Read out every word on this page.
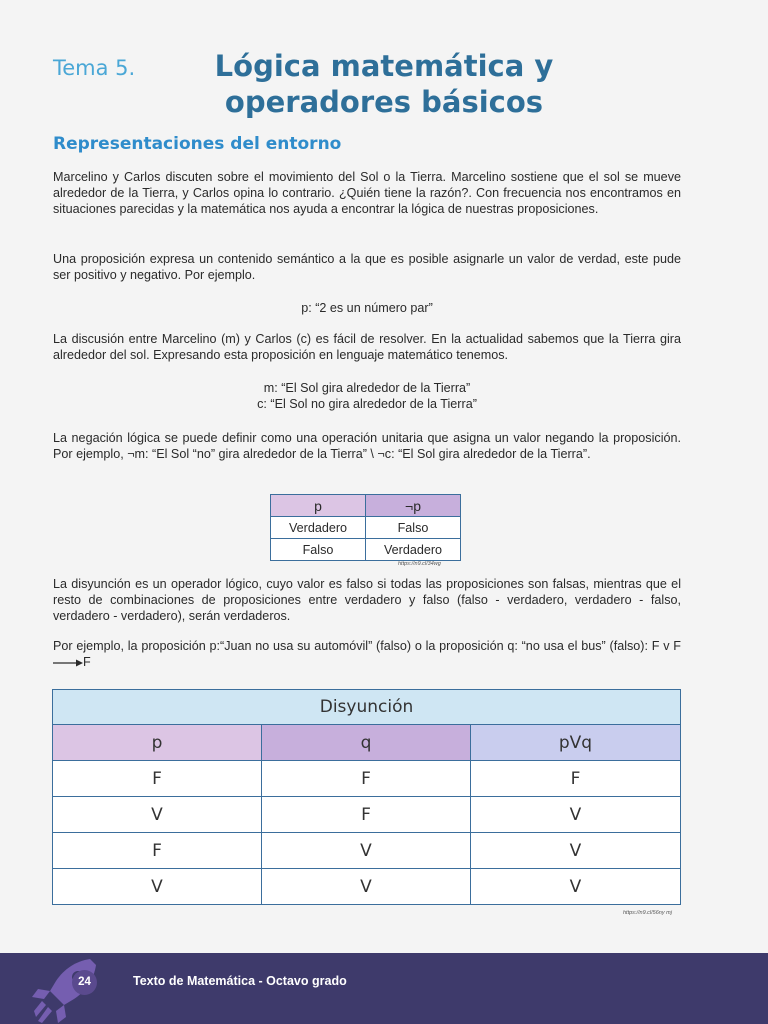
Tema 5.	Lógica matemática y
operadores básicos
Representaciones del entorno
Marcelino y Carlos discuten sobre el movimiento del Sol o la Tierra. Marcelino sostiene que el sol se mueve alrededor de la Tierra, y Carlos opina lo contrario. ¿Quién tiene la razón?. Con frecuencia nos encontramos en situaciones parecidas y la matemática nos ayuda a encontrar la lógica de nuestras proposiciones.
Una proposición expresa un contenido semántico a la que es posible asignarle un valor de verdad, este pude ser positivo y negativo. Por ejemplo.
p: “2 es un número par”
La discusión entre Marcelino (m) y Carlos (c) es fácil de resolver. En la actualidad sabemos que la Tierra gira alrededor del sol. Expresando esta proposición en lenguaje matemático tenemos.
m: “El Sol gira alrededor de la Tierra”
c: “El Sol no gira alrededor de la Tierra”
La negación lógica se puede definir como una operación unitaria que asigna un valor negando la proposición. Por ejemplo, ¬m: “El Sol “no” gira alrededor de la Tierra” \ ¬c: “El Sol gira alrededor de la Tierra”.
p	¬p
Verdadero	Falso
Falso	Verdadero
https://n9.cl/34wg
La disyunción es un operador lógico, cuyo valor es falso si todas las proposiciones son falsas, mientras que el resto de combinaciones de proposiciones entre verdadero y falso (falso - verdadero, verdadero - falso, verdadero - verdadero), serán verdaderos.
Por ejemplo, la proposición p:“Juan no usa su automóvil” (falso) o la proposición q: “no usa el bus” (falso): F v FF
Disyunción		
p	q	pVq
F	F	F
V	F	V
F	V	V
V	V	V
https://n9.cl/56ny mj
24	Texto de Matemática - Octavo grado
